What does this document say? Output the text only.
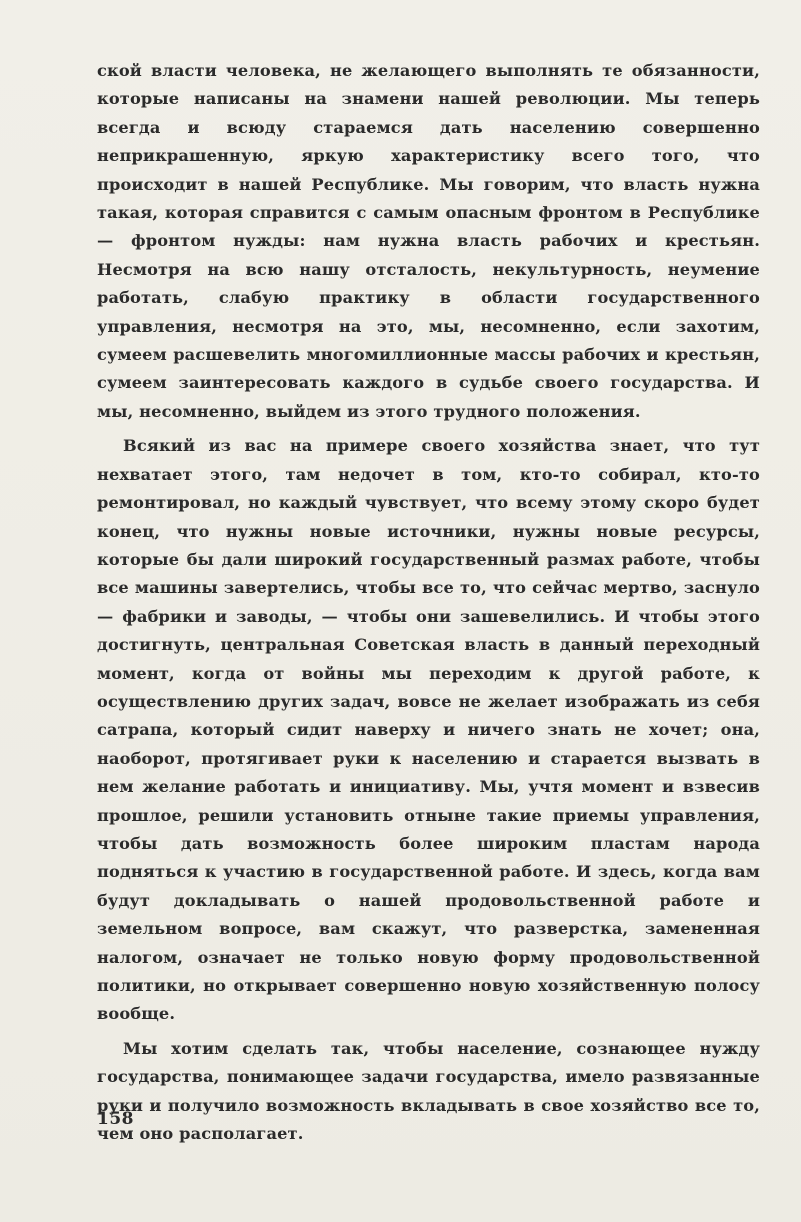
ской власти человека, не желающего выполнять те обязанности, которые написаны на знамени нашей революции. Мы теперь всегда и всюду стараемся дать населению совершенно неприкрашенную, яркую характеристику всего того, что происходит в нашей Республике. Мы говорим, что власть нужна такая, которая справится с самым опасным фронтом в Республике — фронтом нужды: нам нужна власть рабочих и крестьян. Несмотря на всю нашу отсталость, некультурность, неумение работать, слабую практику в области государственного управления, несмотря на это, мы, несомненно, если захотим, сумеем расшевелить многомиллионные массы рабочих и крестьян, сумеем заинтересовать каждого в судьбе своего государства. И мы, несомненно, выйдем из этого трудного положения.

Всякий из вас на примере своего хозяйства знает, что тут нехватает этого, там недочет в том, кто-то собирал, кто-то ремонтировал, но каждый чувствует, что всему этому скоро будет конец, что нужны новые источники, нужны новые ресурсы, которые бы дали широкий государственный размах работе, чтобы все машины завертелись, чтобы все то, что сейчас мертво, заснуло — фабрики и заводы, — чтобы они зашевелились. И чтобы этого достигнуть, центральная Советская власть в данный переходный момент, когда от войны мы переходим к другой работе, к осуществлению других задач, вовсе не желает изображать из себя сатрапа, который сидит наверху и ничего знать не хочет; она, наоборот, протягивает руки к населению и старается вызвать в нем желание работать и инициативу. Мы, учтя момент и взвесив прошлое, решили установить отныне такие приемы управления, чтобы дать возможность более широким пластам народа подняться к участию в государственной работе. И здесь, когда вам будут докладывать о нашей продовольственной работе и земельном вопросе, вам скажут, что разверстка, замененная налогом, означает не только новую форму продовольственной политики, но открывает совершенно новую хозяйственную полосу вообще.

Мы хотим сделать так, чтобы население, сознающее нужду государства, понимающее задачи государства, имело развязанные руки и получило возможность вкладывать в свое хозяйство все то, чем оно располагает.

158
